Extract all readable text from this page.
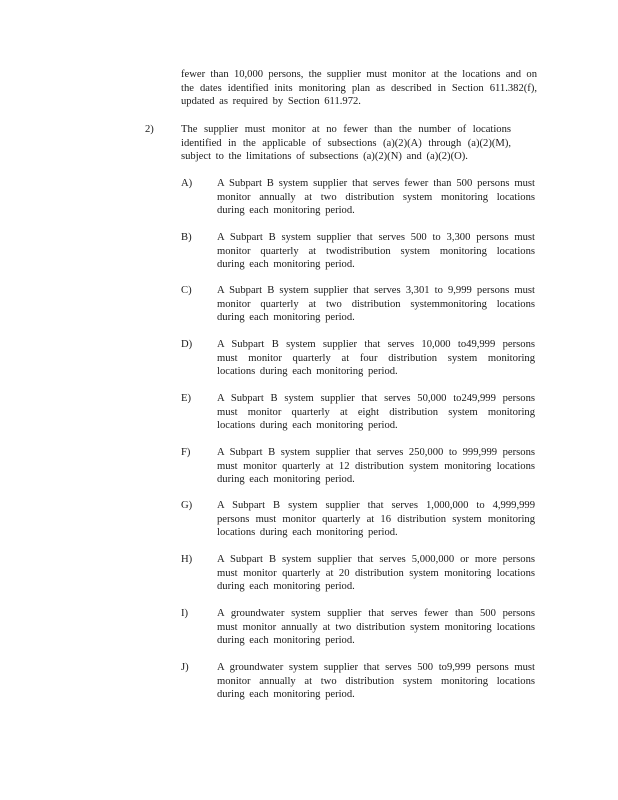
fewer than 10,000 persons, the supplier must monitor at the locations and on the dates identified inits monitoring plan as described in Section 611.382(f), updated as required by Section 611.972.
2)	The supplier must monitor at no fewer than the number of locations identified in the applicable of subsections (a)(2)(A) through (a)(2)(M), subject to the limitations of subsections (a)(2)(N) and (a)(2)(O).
A) A Subpart B system supplier that serves fewer than 500 persons must monitor annually at two distribution system monitoring locations during each monitoring period.
B) A Subpart B system supplier that serves 500 to 3,300 persons must monitor quarterly at twodistribution system monitoring locations during each monitoring period.
C) A Subpart B system supplier that serves 3,301 to 9,999 persons must monitor quarterly at two distribution systemmonitoring locations during each monitoring period.
D) A Subpart B system supplier that serves 10,000 to49,999 persons must monitor quarterly at four distribution system monitoring locations during each monitoring period.
E) A Subpart B system supplier that serves 50,000 to249,999 persons must monitor quarterly at eight distribution system monitoring locations during each monitoring period.
F)	A Subpart B system supplier that serves 250,000 to 999,999 persons must monitor quarterly at 12 distribution system monitoring locations during each monitoring period.
G) A Subpart B system supplier that serves 1,000,000 to 4,999,999 persons must monitor quarterly at 16 distribution system monitoring locations during each monitoring period.
H) A Subpart B system supplier that serves 5,000,000 or more persons must monitor quarterly at 20 distribution system monitoring locations during each monitoring period.
I)	A groundwater system supplier that serves fewer than 500 persons must monitor annually at two distribution system monitoring locations during each monitoring period.
J)	A groundwater system supplier that serves 500 to9,999 persons must monitor annually at two distribution system monitoring locations during each monitoring period.
